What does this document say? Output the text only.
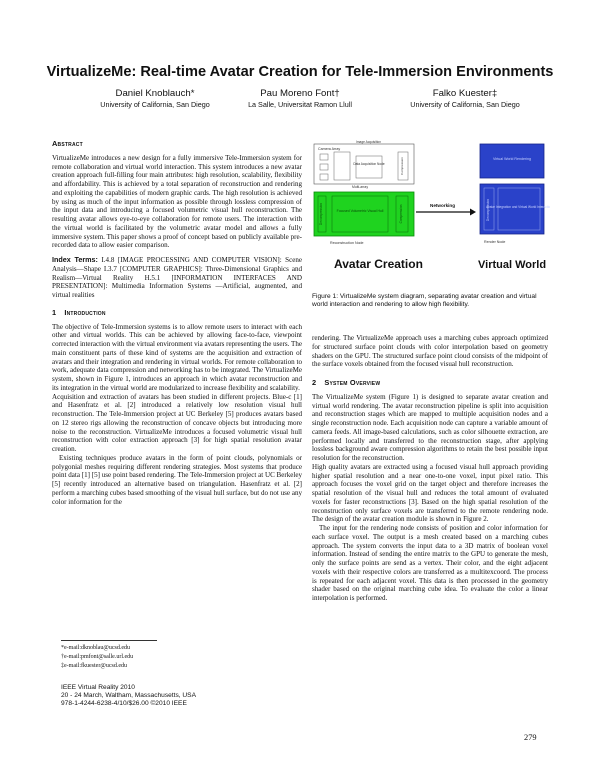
VirtualizeMe: Real-time Avatar Creation for Tele-Immersion Environments
Daniel Knoblauch*
University of California, San Diego
Pau Moreno Font†
La Salle, Universitat Ramon Llull
Falko Kuester‡
University of California, San Diego
Abstract

VirtualizeMe introduces a new design for a fully immersive Tele-Immersion system for remote collaboration and virtual world interaction. This system introduces a new avatar creation approach full-filling four main attributes: high resolution, scalability, flexibility and affordability. This is achieved by a total separation of reconstruction and rendering and exploiting the capabilities of modern graphic cards. The high resolution is achieved by using as much of the input information as possible through lossless compression of the input data and introducing a focused volumetric visual hull reconstruction. The resulting avatar allows eye-to-eye collaboration for remote users. The interaction with the virtual world is facilitated by the volumetric avatar model and allows a fully immersive system. This paper shows a proof of concept based on publicly available pre-recorded data to allow easier comparison.

Index Terms: I.4.8 [IMAGE PROCESSING AND COMPUTER VISION]: Scene Analysis—Shape I.3.7 [COMPUTER GRAPHICS]: Three-Dimensional Graphics and Realism—Virtual Reality H.5.1 [INFORMATION INTERFACES AND PRESENTATION]: Multimedia Information Systems —Artificial, augmented, and virtual realities

1 Introduction

The objective of Tele-Immersion systems is to allow remote users to interact with each other and virtual worlds. This can be achieved by allowing face-to-face, viewpoint corrected interaction with the virtual environment via avatars representing the users. The main constituent parts of these kind of systems are the acquisition and extraction of avatars and their integration and rendering in virtual worlds. For remote collaboration to work, adequate data compression and networking has to be integrated. The VirtualizeMe system, shown in Figure 1, introduces an approach in which avatar reconstruction and its integration in the virtual world are modularized to increase flexibility and scalability.

Acquisition and extraction of avatars has been studied in different projects. Blue-c [1] and Hasenfratz et al. [2] introduced a relatively low resolution visual hull reconstruction. The Tele-Immersion project at UC Berkeley [5] produces avatars based on 12 stereo rigs allowing the reconstruction of concave objects but introducing more noise to the reconstruction. VirtualizeMe introduces a focused volumetric visual hull reconstruction with color extraction approach [3] for high spatial resolution avatar creation.

Existing techniques produce avatars in the form of point clouds, polynomials or polygonial meshes requiring different rendering strategies. Most systems that produce point data [1] [5] use point based rendering. The Tele-Immersion project at UC Berkeley [5] recently introduced an alternative based on triangulation. Hasenfratz et al. [2] perform a marching cubes based smoothing of the visual hull surface, but do not use any color information for the

Camera Array
Image Acquisition
Data Acquisition Node	Compression
Multi-array
Decompression	Focused Volumetric Visual Hull	Compression
Reconstruction Node
Networking
Virtual World Rendering
Decompression
Avatar Integration and Virtual World Interaction
Render Node
Avatar Creation	Virtual World
Figure 1: VirtualizeMe system diagram, separating avatar creation and virtual world interaction and rendering to allow high flexibility.

rendering. The VirtualizeMe approach uses a marching cubes approach optimized for structured surface point clouds with color interpolation based on geometry shaders on the GPU. The structured surface point cloud consists of the midpoint of the surface voxels obtained from the focused visual hull reconstruction.

2 System Overview

The VirtualizeMe system (Figure 1) is designed to separate avatar creation and virtual world rendering. The avatar reconstruction pipeline is split into acquisition and reconstruction stages which are mapped to multiple acquisition nodes and a single reconstruction node. Each acquisition node can capture a variable amount of camera feeds. All image-based calculations, such as color silhouette extraction, are performed locally and transferred to the reconstruction stage, after applying lossless background aware compression algorithms to retain the best possible input resolution for the reconstruction.

High quality avatars are extracted using a focused visual hull approach providing higher spatial resolution and a near one-to-one voxel, input pixel ratio. This approach focuses the voxel grid on the target object and therefore increases the spatial resolution of the visual hull and reduces the total amount of evaluated voxels for faster reconstructions [3]. Based on the high spatial resolution of the reconstruction only surface voxels are transferred to the remote rendering node. The design of the avatar creation module is shown in Figure 2.

The input for the rendering node consists of position and color information for each surface voxel. The output is a mesh created based on a marching cubes approach. The system converts the input data to a 3D matrix of boolean voxel information. Instead of sending the entire matrix to the GPU to generate the mesh, only the surface points are send as a vertex. Their color, and the eight adjacent voxels with their respective colors are transferred as a multitexcoord. The process is repeated for each adjacent voxel. This data is then processed in the geometry shader based on the original marching cube idea. To evaluate the color a linear interpolation is performed.

*e-mail:dknoblau@ucsd.edu
†e-mail:pmfont@salle.url.edu
‡e-mail:fkuester@ucsd.edu
IEEE Virtual Reality 2010
20 - 24 March, Waltham, Massachusetts, USA
978-1-4244-6238-4/10/$26.00 ©2010 IEEE
279
